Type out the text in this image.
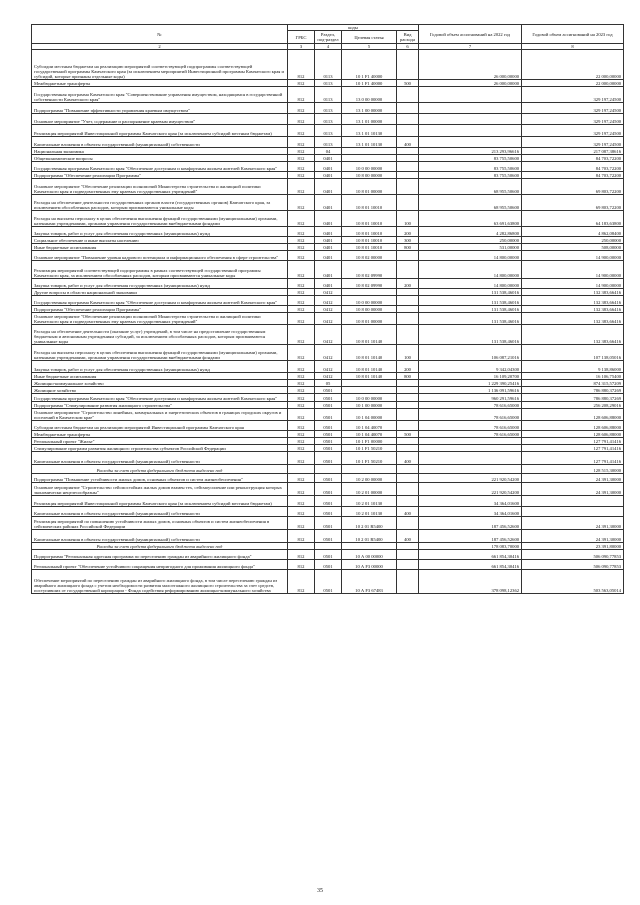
№	коды				Годовой объем ассигнований на 2022 год	Годовой объем ассигнований на 2023 год
	ГРБС	Раздел, под-раздел	Целевая статья	Вид расхода		
2	3	4	5	6	7	8
Субсидии местным бюджетам на реализацию мероприятий соответствующей подпрограммы соответствующей государственной программы Камчатского края (за исключением мероприятий Инвестиционной программы Камчатского края и субсидий, которые признаны отдельные коды)	812	0113	10 1 F1 40000		26 000,00000	22 000,00000
Межбюджетные трансферты	812	0113	10 1 F1 40000	500	26 000,00000	22 000,00000
Государственная программа Камчатского края "Совершенствование управления имуществом, находящимся в государственной собственности Камчатского края"	812	0113	13 0 00 00000			329 197,24500
Подпрограмма "Повышение эффективности управления краевым имуществом"	812	0113	13 1 00 00000			329 197,24500
Основное мероприятие "Учет, содержание и распоряжение краевым имуществом"	812	0113	13 1 01 00000			329 197,24500
Реализация мероприятий Инвестиционной программы Камчатского края (за исключением субсидий местным бюджетам)	812	0113	13 1 01 10130			329 197,24500
Капитальные вложения в объекты государственной (муниципальной) собственности	812	0113	13 1 01 10130	400		329 197,24500
Национальная экономика	812	04			213 293,96616	217 087,38616
Общеэкономические вопросы	812	0401			83 755,50600	84 703,72200
Государственная программа Камчатского края "Обеспечение доступным и комфортным жильем жителей Камчатского края"	812	0401	10 0 00 00000		83 755,50600	84 703,72200
Подпрограмма "Обеспечение реализации Программы"	812	0401	10 8 00 00000		83 755,50600	84 703,72200
Основное мероприятие "Обеспечение реализации полномочий Министерства строительства и жилищной политики Камчатского края и подведомственных ему краевых государственных учреждений"	812	0401	10 8 01 00000		68 955,50600	69 803,72200
Расходы на обеспечение деятельности государственных органов власти (государственных органов) Камчатского края, за исключением обособленных расходов, которым присваиваются уникальные коды	812	0401	10 8 01 10010		68 955,50600	69 803,72200
Расходы на выплаты персоналу в целях обеспечения выполнения функций государственными (муниципальными) органами, казенными учреждениями, органами управления государственными внебюджетными фондами	812	0401	10 8 01 10010	100	63 691,63800	64 183,63800
Закупка товаров, работ и услуг для обеспечения государственных (муниципальных) нужд	812	0401	10 8 01 10010	200	4 282,86800	4 862,08400
Социальное обеспечение и иные выплаты населению	812	0401	10 8 01 10010	300	250,00000	250,00000
Иные бюджетные ассигнования	812	0401	10 8 01 10010	800	531,00000	508,00000
Основное мероприятие "Повышение уровня кадрового потенциала и информационного обеспечения в сфере строительства"	812	0401	10 8 02 00000		14 800,00000	14 900,00000
Реализация мероприятий соответствующей подпрограммы в рамках соответствующей государственной программы Камчатского края, за исключением обособленных расходов, которым присваиваются уникальные коды	812	0401	10 8 02 09990		14 800,00000	14 900,00000
Закупка товаров, работ и услуг для обеспечения государственных (муниципальных) нужд	812	0401	10 8 02 09990	200	14 800,00000	14 900,00000
Другие вопросы в области национальной экономики	812	0412			131 538,46016	132 383,66416
Государственная программа Камчатского края "Обеспечение доступным и комфортным жильем жителей Камчатского края"	812	0412	10 0 00 00000		131 538,46016	132 383,66416
Подпрограмма "Обеспечение реализации Программы"	812	0412	10 8 00 00000		131 538,46016	132 383,66416
Основное мероприятие "Обеспечение реализации полномочий Министерства строительства и жилищной политики Камчатского края и подведомственных ему краевых государственных учреждений"	812	0412	10 8 01 00000		131 538,46016	132 383,66416
Расходы на обеспечение деятельности (оказание услуг) учреждений, в том числе на предоставление государственным бюджетным и автономным учреждениям субсидий, за исключением обособленных расходов, которым присваиваются уникальные коды	812	0412	10 8 01 10140		131 538,46016	132 383,66416
Расходы на выплаты персоналу в целях обеспечения выполнения функций государственными (муниципальными) органами, казенными учреждениями, органами управления государственными внебюджетными фондами	812	0412	10 8 01 10140	100	106 087,21016	107 138,05016
Закупка товаров, работ и услуг для обеспечения государственных (муниципальных) нужд	812	0412	10 8 01 10140	200	9 342,04300	9 138,86000
Иные бюджетные ассигнования	812	0412	10 8 01 10140	800	16 109,20700	16 106,75400
Жилищно-коммунальное хозяйство	812	05			1 229 390,25416	874 315,57209
Жилищное хозяйство	812	0501			1 136 091,59616	786 880,37269
Государственная программа Камчатского края "Обеспечение доступным и комфортным жильем жителей Камчатского края"	812	0501	10 0 00 00000		960 291,59616	786 880,37269
Подпрограмма "Стимулирование развития жилищного строительства"	812	0501	10 1 00 00000		78 616,65000	256 208,29016
Основное мероприятие "Строительство линейных, коммунальных и энергетических объектов в границах городских округов и поселений в Камчатском крае"	812	0501	10 1 04 00000		78 616,65000	128 606,88000
Субсидии местным бюджетам на реализацию мероприятий Инвестиционной программы Камчатского края	812	0501	10 1 04 40070		78 616,65000	128 606,88000
Межбюджетные трансферты	812	0501	10 1 04 40070	500	78 616,65000	128 606,88000
Региональный проект "Жилье"	812	0501	10 1 F1 00000			127 791,41416
Стимулирование программ развития жилищного строительства субъектов Российской Федерации	812	0501	10 1 F1 50210			127 791,41416
Капитальные вложения в объекты государственной (муниципальной) собственности	812	0501	10 1 F1 50210	400		127 791,41416
Расходы за счет средств федерального бюджета выделено под						128 515,30000
Подпрограмма "Повышение устойчивости жилых домов, основных объектов и систем жизнеобеспечения"	812	0501	10 2 00 00000		221 920,54200	24 391,30000
Основное мероприятие "Строительство сейсмостойких жилых домов взамен тех, сейсмоусиление или реконструкция которых экономически нецелесообразны"	812	0501	10 2 01 00000		221 920,54200	24 391,30000
Реализация мероприятий Инвестиционной программы Камчатского края (за исключением субсидий местным бюджетам)	812	0501	10 2 01 10130		34 364,01600	
Капитальные вложения в объекты государственной (муниципальной) собственности	812	0501	10 2 01 10130	400	34 364,01600	
Реализация мероприятий по повышению устойчивости жилых домов, основных объектов и систем жизнеобеспечения в сейсмических районах Российской Федерации	812	0501	10 2 01 R5400		187 456,52600	24 391,30000
Капитальные вложения в объекты государственной (муниципальной) собственности	812	0501	10 2 01 R5400	400	187 456,52600	24 391,30000
Расходы за счет средств федерального бюджета выделено под					178 083,70000	23 391,80000
Подпрограмма "Региональная адресная программа по переселению граждан из аварийного жилищного фонда"	812	0501	10 А 00 00000		661 854,30416	506 090,77853
Региональный проект "Обеспечение устойчивого сокращения непригодного для проживания жилищного фонда"	812	0501	10 А F3 00000		661 854,30416	506 090,77853
Обеспечение мероприятий по переселению граждан из аварийного жилищного фонда, в том числе переселению граждан из аварийного жилищного фонда с учетом необходимости развития малоэтажного жилищного строительства за счет средств, поступивших от государственной корпорации - Фонда содействия реформированию жилищно-коммунального хозяйства	812	0501	10 А F3 67483		378 098,12362	503 563,05014
35
